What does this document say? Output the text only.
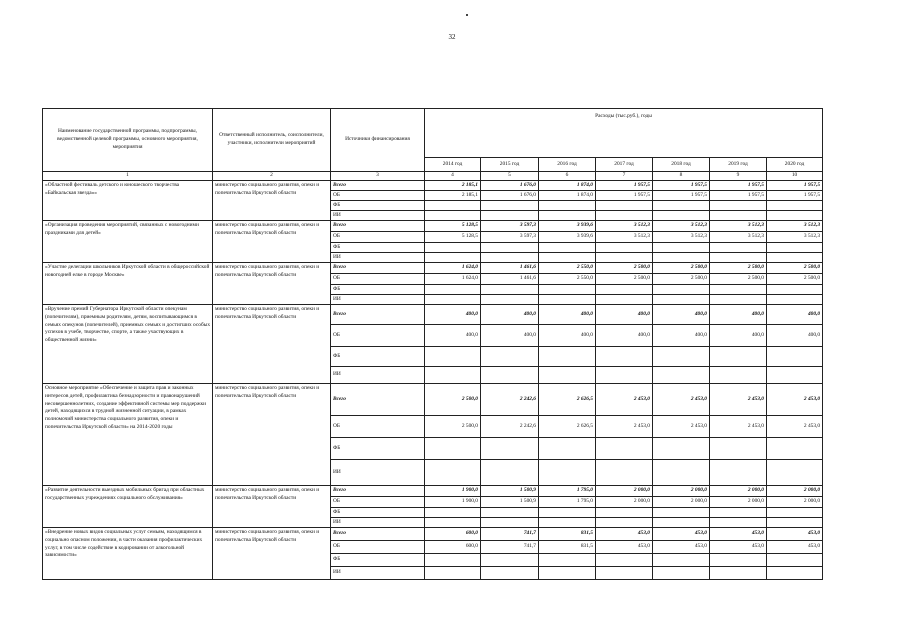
32
Наименование государственной программы, подпрограммы, ведомственной целевой программы, основного мероприятия, мероприятия	Ответственный исполнитель, соисполнители, участники, исполнители мероприятий	Источники финансирования	Расходы (тыс.руб.), годы						
			2014 год	2015 год	2016 год	2017 год	2018 год	2019 год	2020 год
1	2	3	4	5	6	7	8	9	10
«Областной фестиваль детского и юношеского творчества «Байкальская звезда»»	министерство социального развития, опеки и попечительства Иркутской области	Всего	2 185,1	1 676,0	1 874,0	1 957,5	1 957,5	1 957,5	1 957,5
		ОБ	2 185,1	1 676,0	1 874,0	1 957,5	1 957,5	1 957,5	1 957,5
		ФБ							
		ИИ							
«Организация проведения мероприятий, связанных с новогодними праздниками для детей»	министерство социального развития, опеки и попечительства Иркутской области	Всего	5 128,5	3 597,3	3 939,6	3 512,3	3 512,3	3 512,3	3 512,3
		ОБ	5 128,5	3 597,3	3 939,6	3 512,3	3 512,3	3 512,3	3 512,3
		ФБ							
		ИИ							
«Участие делегации школьников Иркутской области в общероссийской новогодней елке в городе Москве»	министерство социального развития, опеки и попечительства Иркутской области	Всего	1 624,0	1 461,6	2 550,0	2 500,0	2 500,0	2 500,0	2 500,0
		ОБ	1 624,0	1 461,6	2 550,0	2 500,0	2 500,0	2 500,0	2 500,0
		ФБ							
		ИИ							
«Вручение премий Губернатора Иркутской области опекунам (попечителям), приемным родителям, детям, воспитывающимся в семьях опекунов (попечителей), приемных семьях и достигших особых успехов в учебе, творчестве, спорте, а также участвующих в общественной жизни»	министерство социального развития, опеки и попечительства Иркутской области	Всего	400,0	400,0	400,0	400,0	400,0	400,0	400,0
		ОБ	400,0	400,0	400,0	400,0	400,0	400,0	400,0
		ФБ							
		ИИ							
Основное мероприятие «Обеспечение и защита прав и законных интересов детей, профилактика безнадзорности и правонарушений несовершеннолетних, создание эффективной системы мер поддержки детей, находящихся в трудной жизненной ситуации, в рамках полномочий министерства социального развития, опеки и попечительства Иркутской области» на 2014-2020 годы	министерство социального развития, опеки и попечительства Иркутской области	Всего	2 500,0	2 242,6	2 626,5	2 453,0	2 453,0	2 453,0	2 453,0
		ОБ	2 500,0	2 242,6	2 626,5	2 453,0	2 453,0	2 453,0	2 453,0
		ФБ							
		ИИ							
«Развитие деятельности выездных мобильных бригад при областных государственных учреждениях социального обслуживания»	министерство социального развития, опеки и попечительства Иркутской области	Всего	1 900,0	1 500,9	1 795,0	2 000,0	2 000,0	2 000,0	2 000,0
		ОБ	1 900,0	1 500,9	1 795,0	2 000,0	2 000,0	2 000,0	2 000,0
		ФБ							
		ИИ							
«Внедрение новых видов социальных услуг семьям, находящимся в социально опасном положении, в части оказания профилактических услуг, в том числе содействие в кодировании от алкогольной зависимости»	министерство социального развития, опеки и попечительства Иркутской области	Всего	600,0	741,7	831,5	453,0	453,0	453,0	453,0
		ОБ	600,0	741,7	831,5	453,0	453,0	453,0	453,0
		ФБ							
		ИИ							
